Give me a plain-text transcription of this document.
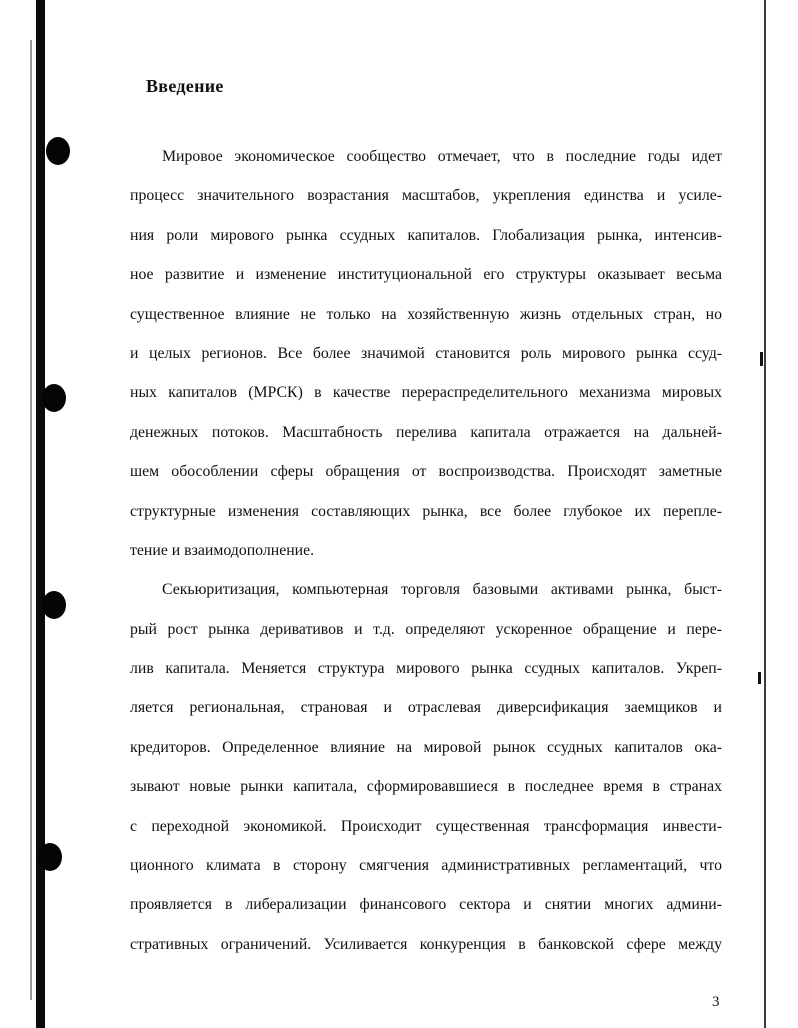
Введение
Мировое экономическое сообщество отмечает, что в последние годы идет
процесс значительного возрастания масштабов, укрепления единства и усиле-
ния роли мирового рынка ссудных капиталов. Глобализация рынка, интенсив-
ное развитие и изменение институциональной его структуры оказывает весьма
существенное влияние не только на хозяйственную жизнь отдельных стран, но
и целых регионов. Все более значимой становится роль мирового рынка ссуд-
ных капиталов (МРСК) в качестве перераспределительного механизма мировых
денежных потоков. Масштабность перелива капитала отражается на дальней-
шем обособлении сферы обращения от воспроизводства. Происходят заметные
структурные изменения составляющих рынка, все более глубокое их перепле-
тение и взаимодополнение.
Секьюритизация, компьютерная торговля базовыми активами рынка, быст-
рый рост рынка деривативов и т.д. определяют ускоренное обращение и пере-
лив капитала. Меняется структура мирового рынка ссудных капиталов. Укреп-
ляется региональная, страновая и отраслевая диверсификация заемщиков и
кредиторов. Определенное влияние на мировой рынок ссудных капиталов ока-
зывают новые рынки капитала, сформировавшиеся в последнее время в странах
с переходной экономикой. Происходит существенная трансформация инвести-
ционного климата в сторону смягчения административных регламентаций, что
проявляется в либерализации финансового сектора и снятии многих админи-
стративных ограничений. Усиливается конкуренция в банковской сфере между
3
